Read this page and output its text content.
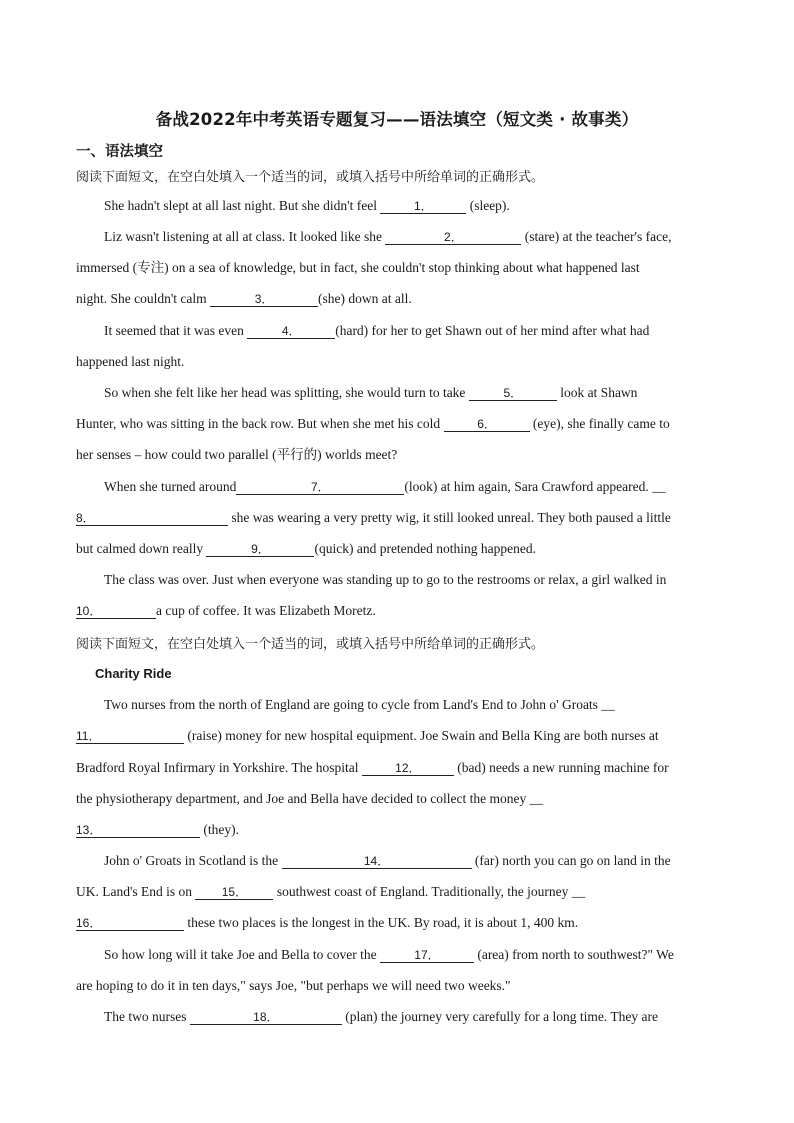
备战2022年中考英语专题复习——语法填空（短文类 · 故事类）
一、语法填空
阅读下面短文，在空白处填入一个适当的词，或填入括号中所给单词的正确形式。
She hadn't slept at all last night. But she didn't feel	1． (sleep).
Liz wasn't listening at all at class. It looked like she	2．	(stare) at the teacher's face,
immersed (专注) on a sea of knowledge, but in fact, she couldn't stop thinking about what happened last
night. She couldn't calm	3．	(she) down at all.
It seemed that it was even	4．	(hard) for her to get Shawn out of her mind after what had
happened last night.
So when she felt like her head was splitting, she would turn to take	5．	look at Shawn
Hunter, who was sitting in the back row. But when she met his cold	6． (eye), she finally came to
her senses – how could two parallel (平行的) worlds meet?
When she turned around	7．	(look) at him again, Sara Crawford appeared. __
8．	she was wearing a very pretty wig, it still looked unreal. They both paused a little
but calmed down really	9．	(quick) and pretended nothing happened.
The class was over. Just when everyone was standing up to go to the restrooms or relax, a girl walked in
10．	a cup of coffee. It was Elizabeth Moretz.
阅读下面短文，在空白处填入一个适当的词，或填入括号中所给单词的正确形式。
Charity Ride
Two nurses from the north of England are going to cycle from Land's End to John o' Groats __
11．	(raise) money for new hospital equipment. Joe Swain and Bella King are both nurses at
Bradford Royal Infirmary in Yorkshire. The hospital	12． (bad) needs a new running machine for
the physiotherapy department, and Joe and Bella have decided to collect the money __
13．	(they).
John o' Groats in Scotland is the	14．	(far) north you can go on land in the
UK. Land's End is on 15． southwest coast of England. Traditionally, the journey __
16．	these two places is the longest in the UK. By road, it is about 1, 400 km.
So how long will it take Joe and Bella to cover the	17．	(area) from north to southwest?" We
are hoping to do it in ten days," says Joe, "but perhaps we will need two weeks."
The two nurses	18．	(plan) the journey very carefully for a long time. They are
